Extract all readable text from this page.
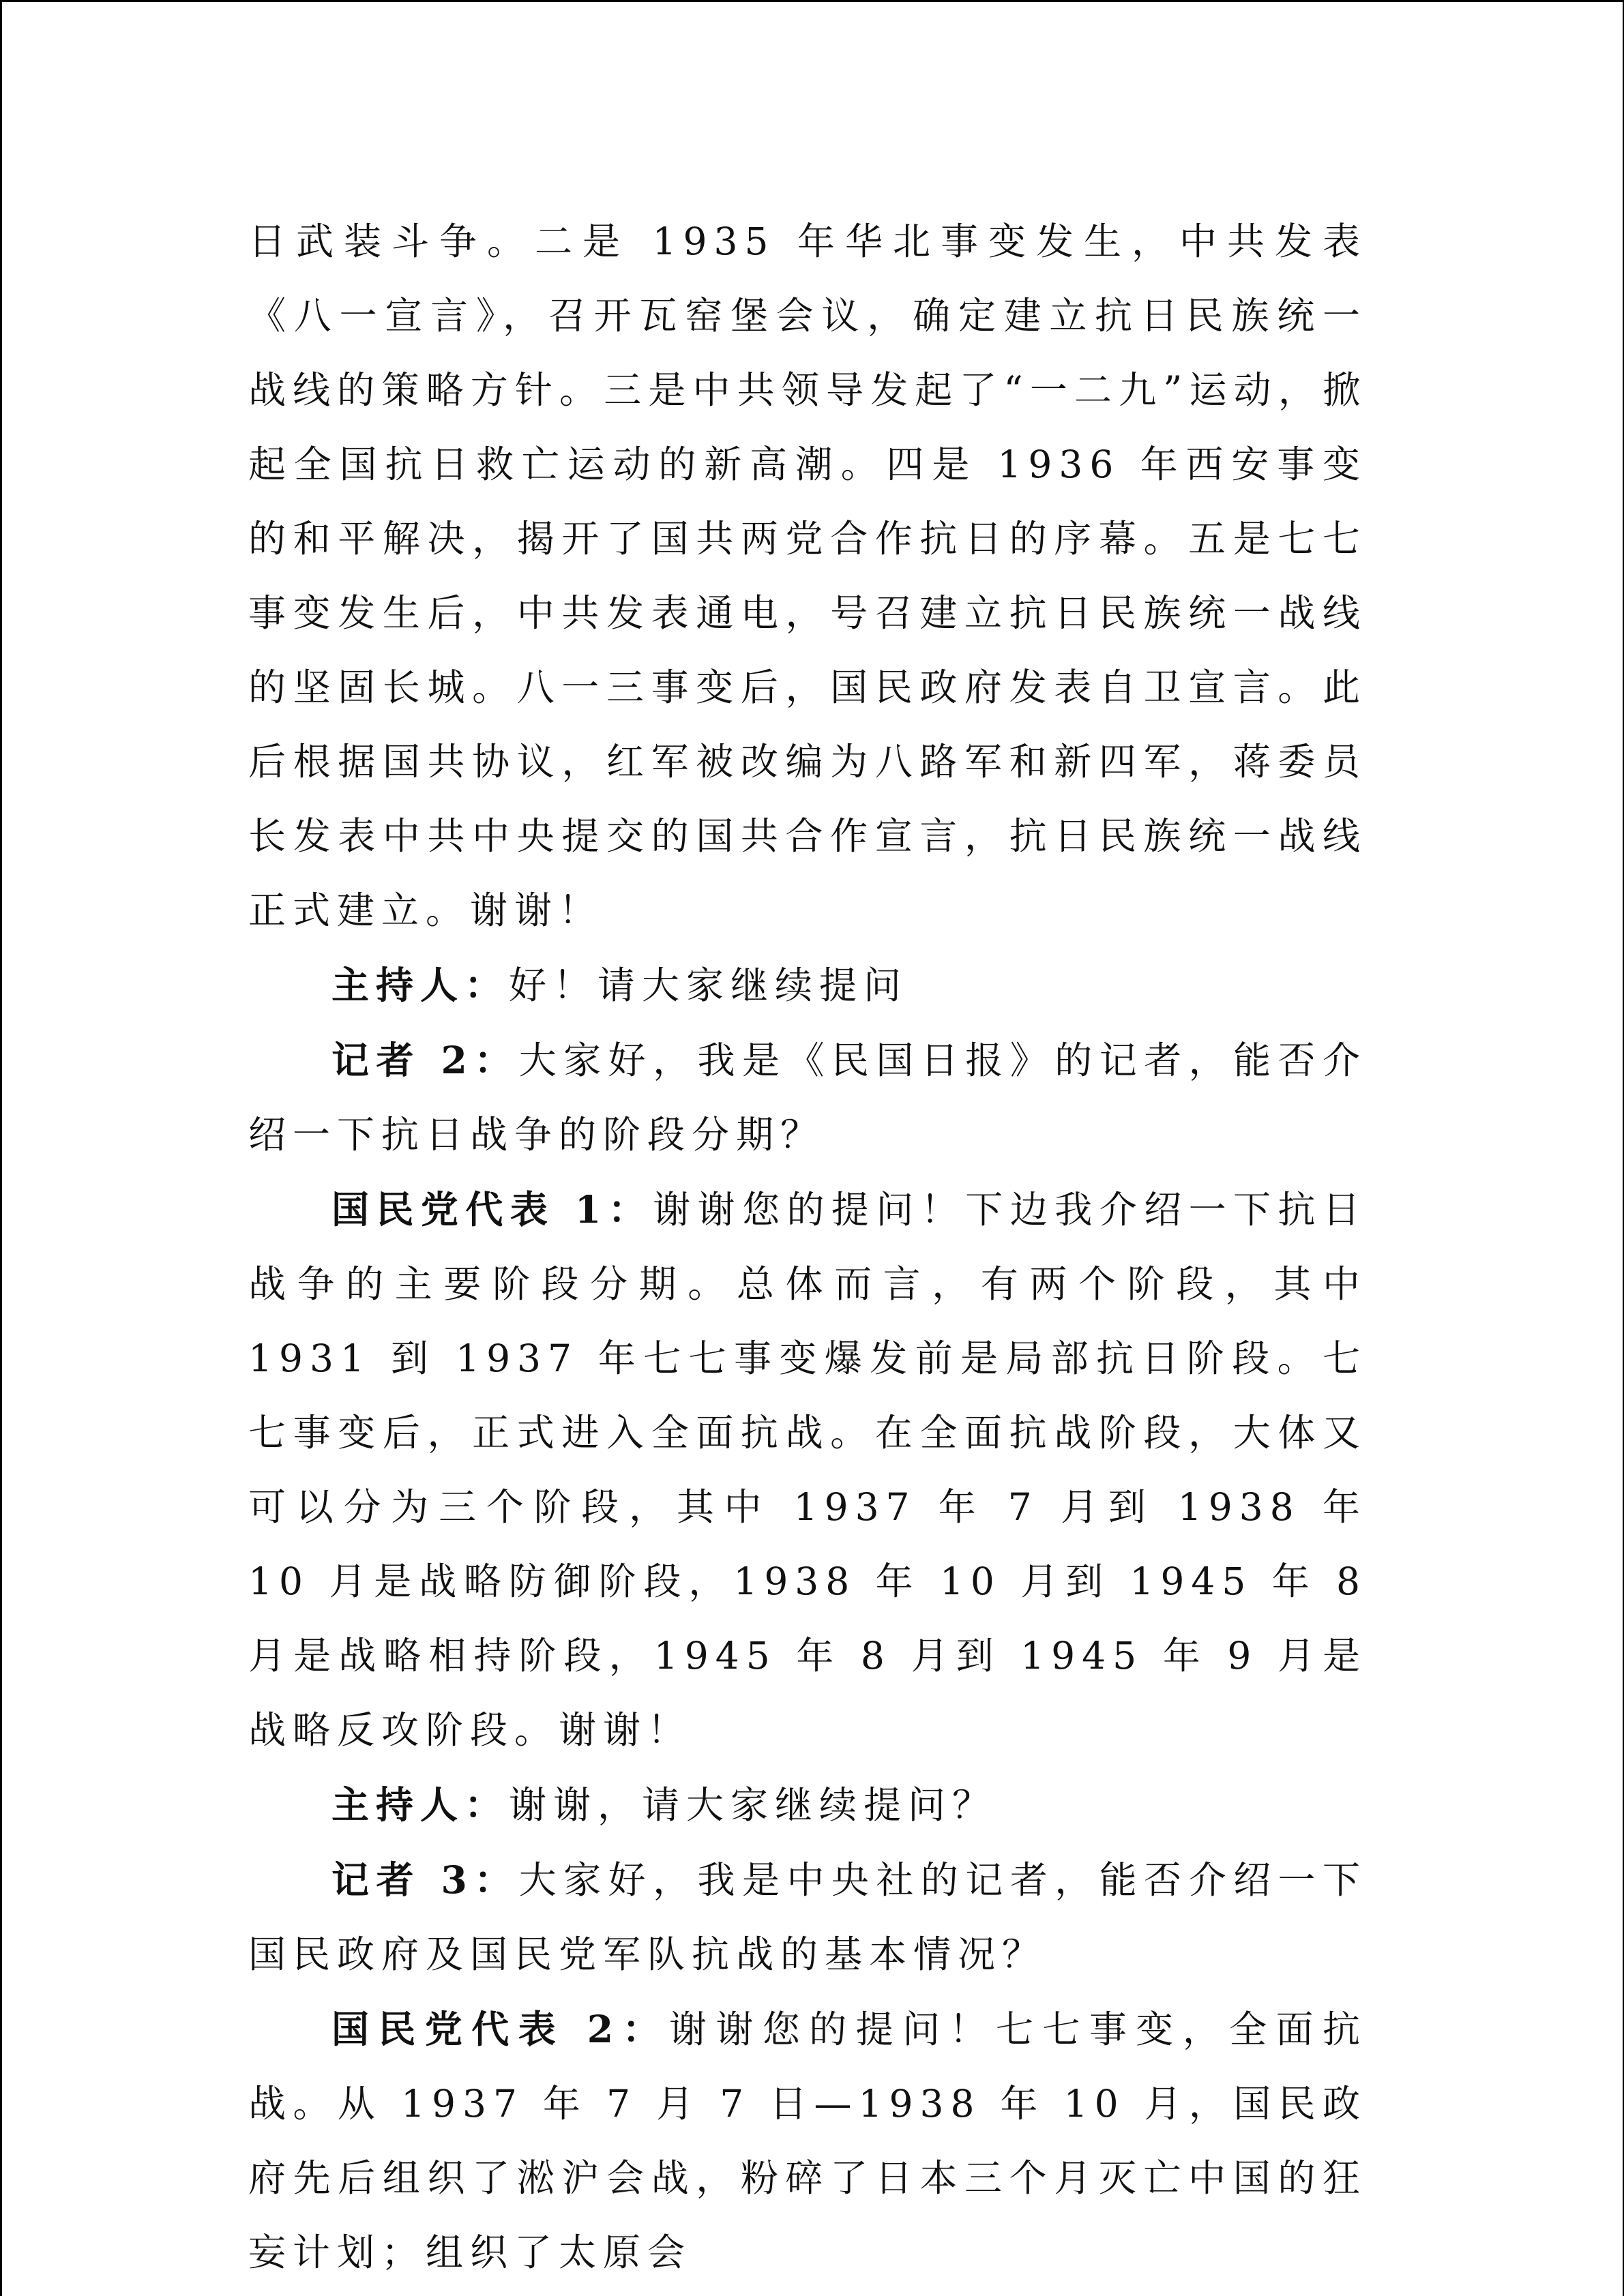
日武装斗争。二是 1935 年华北事变发生，中共发表《八一宣言》，召开瓦窑堡会议，确定建立抗日民族统一战线的策略方针。三是中共领导发起了“一二九”运动，掀起全国抗日救亡运动的新高潮。四是 1936 年西安事变的和平解决，揭开了国共两党合作抗日的序幕。五是七七事变发生后，中共发表通电，号召建立抗日民族统一战线的坚固长城。八一三事变后，国民政府发表自卫宣言。此后根据国共协议，红军被改编为八路军和新四军，蒋委员长发表中共中央提交的国共合作宣言，抗日民族统一战线正式建立。谢谢！

主持人：好！请大家继续提问

记者 2：大家好，我是《民国日报》的记者，能否介绍一下抗日战争的阶段分期？

国民党代表 1：谢谢您的提问！下边我介绍一下抗日战争的主要阶段分期。总体而言，有两个阶段，其中 1931 到 1937 年七七事变爆发前是局部抗日阶段。七七事变后，正式进入全面抗战。在全面抗战阶段，大体又可以分为三个阶段，其中 1937 年 7 月到 1938 年 10 月是战略防御阶段，1938 年 10 月到 1945 年 8 月是战略相持阶段，1945 年 8 月到 1945 年 9 月是战略反攻阶段。谢谢！

主持人：谢谢，请大家继续提问？

记者 3：大家好，我是中央社的记者，能否介绍一下国民政府及国民党军队抗战的基本情况？

国民党代表 2：谢谢您的提问！七七事变，全面抗战。从 1937 年 7 月 7 日—1938 年 10 月，国民政府先后组织了淞沪会战，粉碎了日本三个月灭亡中国的狂妄计划；组织了太原会
